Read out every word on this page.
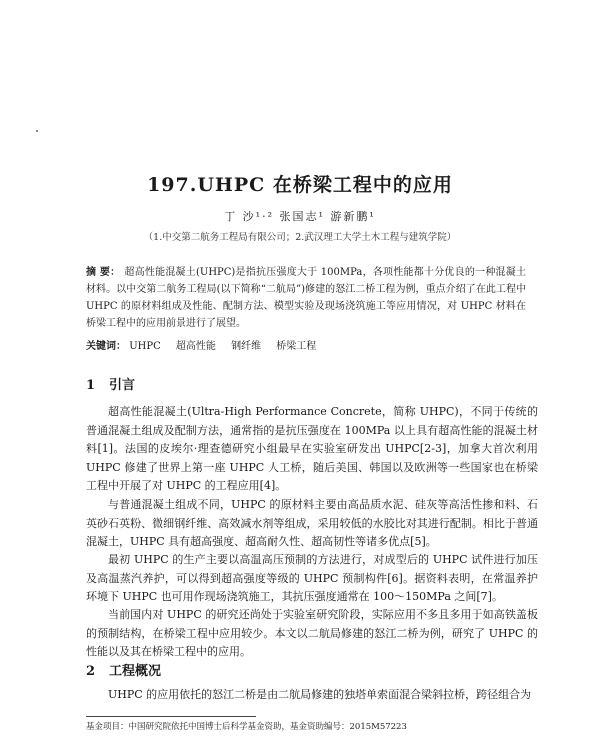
197.UHPC 在桥梁工程中的应用
丁 沙¹·² 张国志¹ 游新鹏¹
（1.中交第二航务工程局有限公司；2.武汉理工大学土木工程与建筑学院）
摘 要： 超高性能混凝土(UHPC)是指抗压强度大于 100MPa，各项性能都十分优良的一种混凝土材料。以中交第二航务工程局(以下简称“二航局”)修建的怒江二桥工程为例，重点介绍了在此工程中 UHPC 的原材料组成及性能、配制方法、模型实验及现场浇筑施工等应用情况，对 UHPC 材料在桥梁工程中的应用前景进行了展望。
关键词： UHPC 超高性能 钢纤维 桥梁工程
1 引言

超高性能混凝土(Ultra-High Performance Concrete，简称 UHPC)，不同于传统的普通混凝土组成及配制方法，通常指的是抗压强度在 100MPa 以上具有超高性能的混凝土材料[1]。法国的皮埃尔·理查德研究小组最早在实验室研发出 UHPC[2-3]，加拿大首次利用 UHPC 修建了世界上第一座 UHPC 人工桥，随后美国、韩国以及欧洲等一些国家也在桥梁工程中开展了对 UHPC 的工程应用[4]。

与普通混凝土组成不同，UHPC 的原材料主要由高品质水泥、硅灰等高活性掺和料、石英砂石英粉、微细钢纤维、高效减水剂等组成，采用较低的水胶比对其进行配制。相比于普通混凝土，UHPC 具有超高强度、超高耐久性、超高韧性等诸多优点[5]。

最初 UHPC 的生产主要以高温高压预制的方法进行，对成型后的 UHPC 试件进行加压及高温蒸汽养护，可以得到超高强度等级的 UHPC 预制构件[6]。据资料表明，在常温养护环境下 UHPC 也可用作现场浇筑施工，其抗压强度通常在 100～150MPa 之间[7]。

当前国内对 UHPC 的研究还尚处于实验室研究阶段，实际应用不多且多用于如高铁盖板的预制结构，在桥梁工程中应用较少。本文以二航局修建的怒江二桥为例，研究了 UHPC 的性能以及其在桥梁工程中的应用。

2 工程概况

UHPC 的应用依托的怒江二桥是由二航局修建的独塔单索面混合梁斜拉桥，跨径组合为

基金项目：中国研究院依托中国博士后科学基金资助，基金资助编号：2015M57223
